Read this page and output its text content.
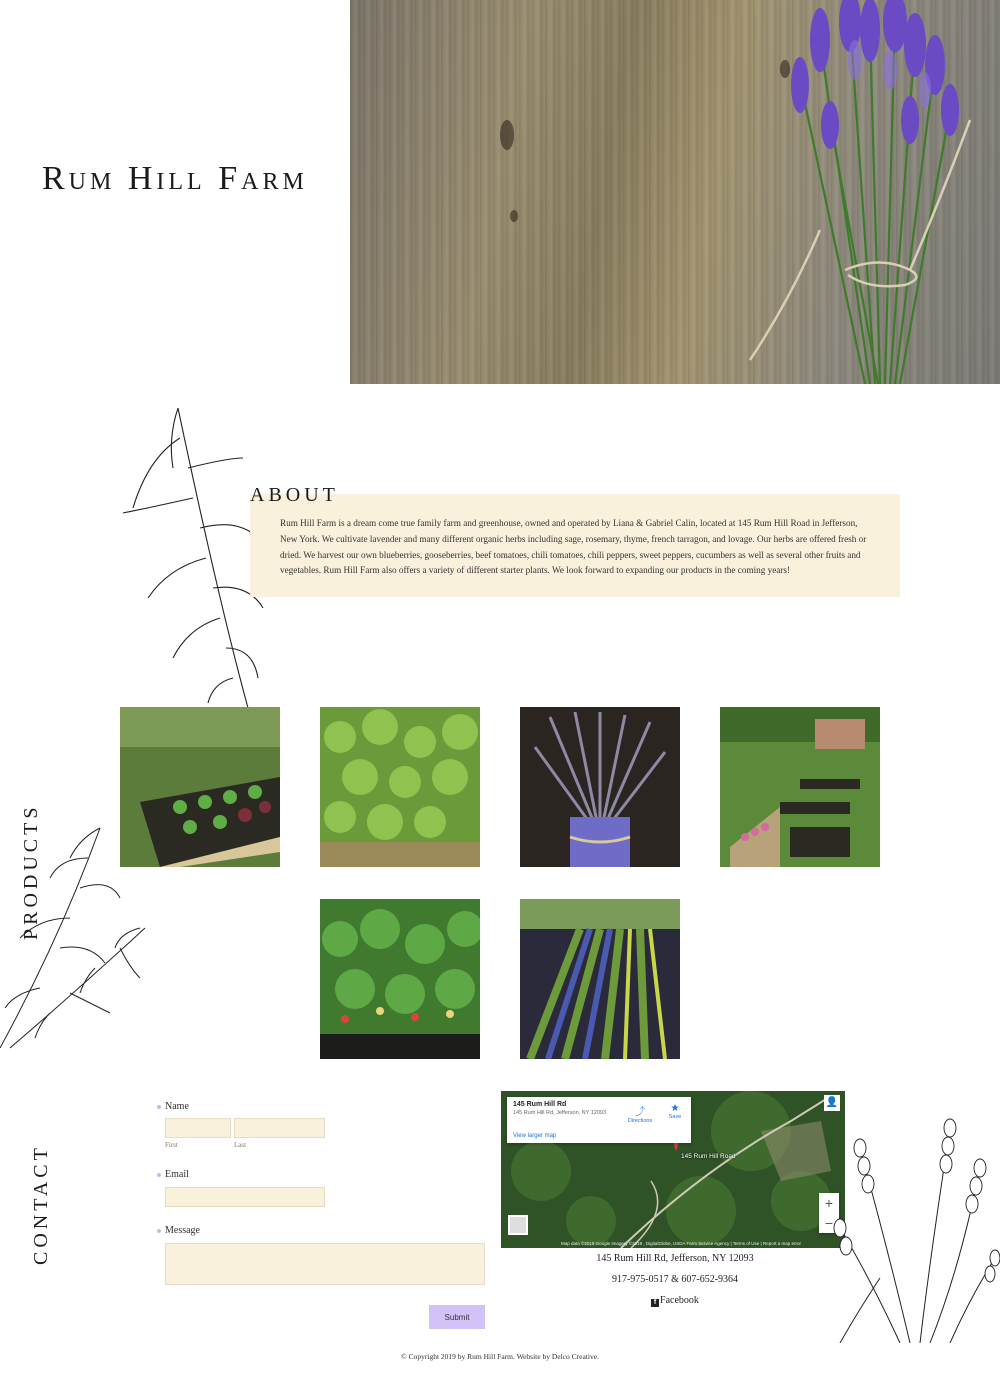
Rum Hill Farm

Rum Hill Farm is a dream come true family farm and greenhouse, owned and operated by Liana & Gabriel Calin, located at 145 Rum Hill Road in Jefferson, New York. We cultivate lavender and many different organic herbs including sage, rosemary, thyme, french tarragon, and lovage. Our herbs are offered fresh or dried. We harvest our own blueberries, gooseberries, beef tomatoes, chili tomatoes, chili peppers, sweet peppers, cucumbers as well as several other fruits and vegetables. Rum Hill Farm also offers a variety of different starter plants. We look forward to expanding our products in the coming years!

ABOUT
PRODUCTS
CONTACT
Name
First	Last
Email
Message
Submit
145 Rum Hill Road
145 Rum Hill Rd
145 Rum Hill Rd, Jefferson, NY 12093	⤴
Directions
★
Save
View larger map
👤
+
−
Map data ©2019 Google Imagery ©2019 , DigitalGlobe, USDA Farm Service Agency | Terms of Use | Report a map error
145 Rum Hill Rd, Jefferson, NY 12093
917-975-0517 & 607-652-9364
f Facebook
© Copyright 2019 by Rum Hill Farm. Website by Delco Creative.
